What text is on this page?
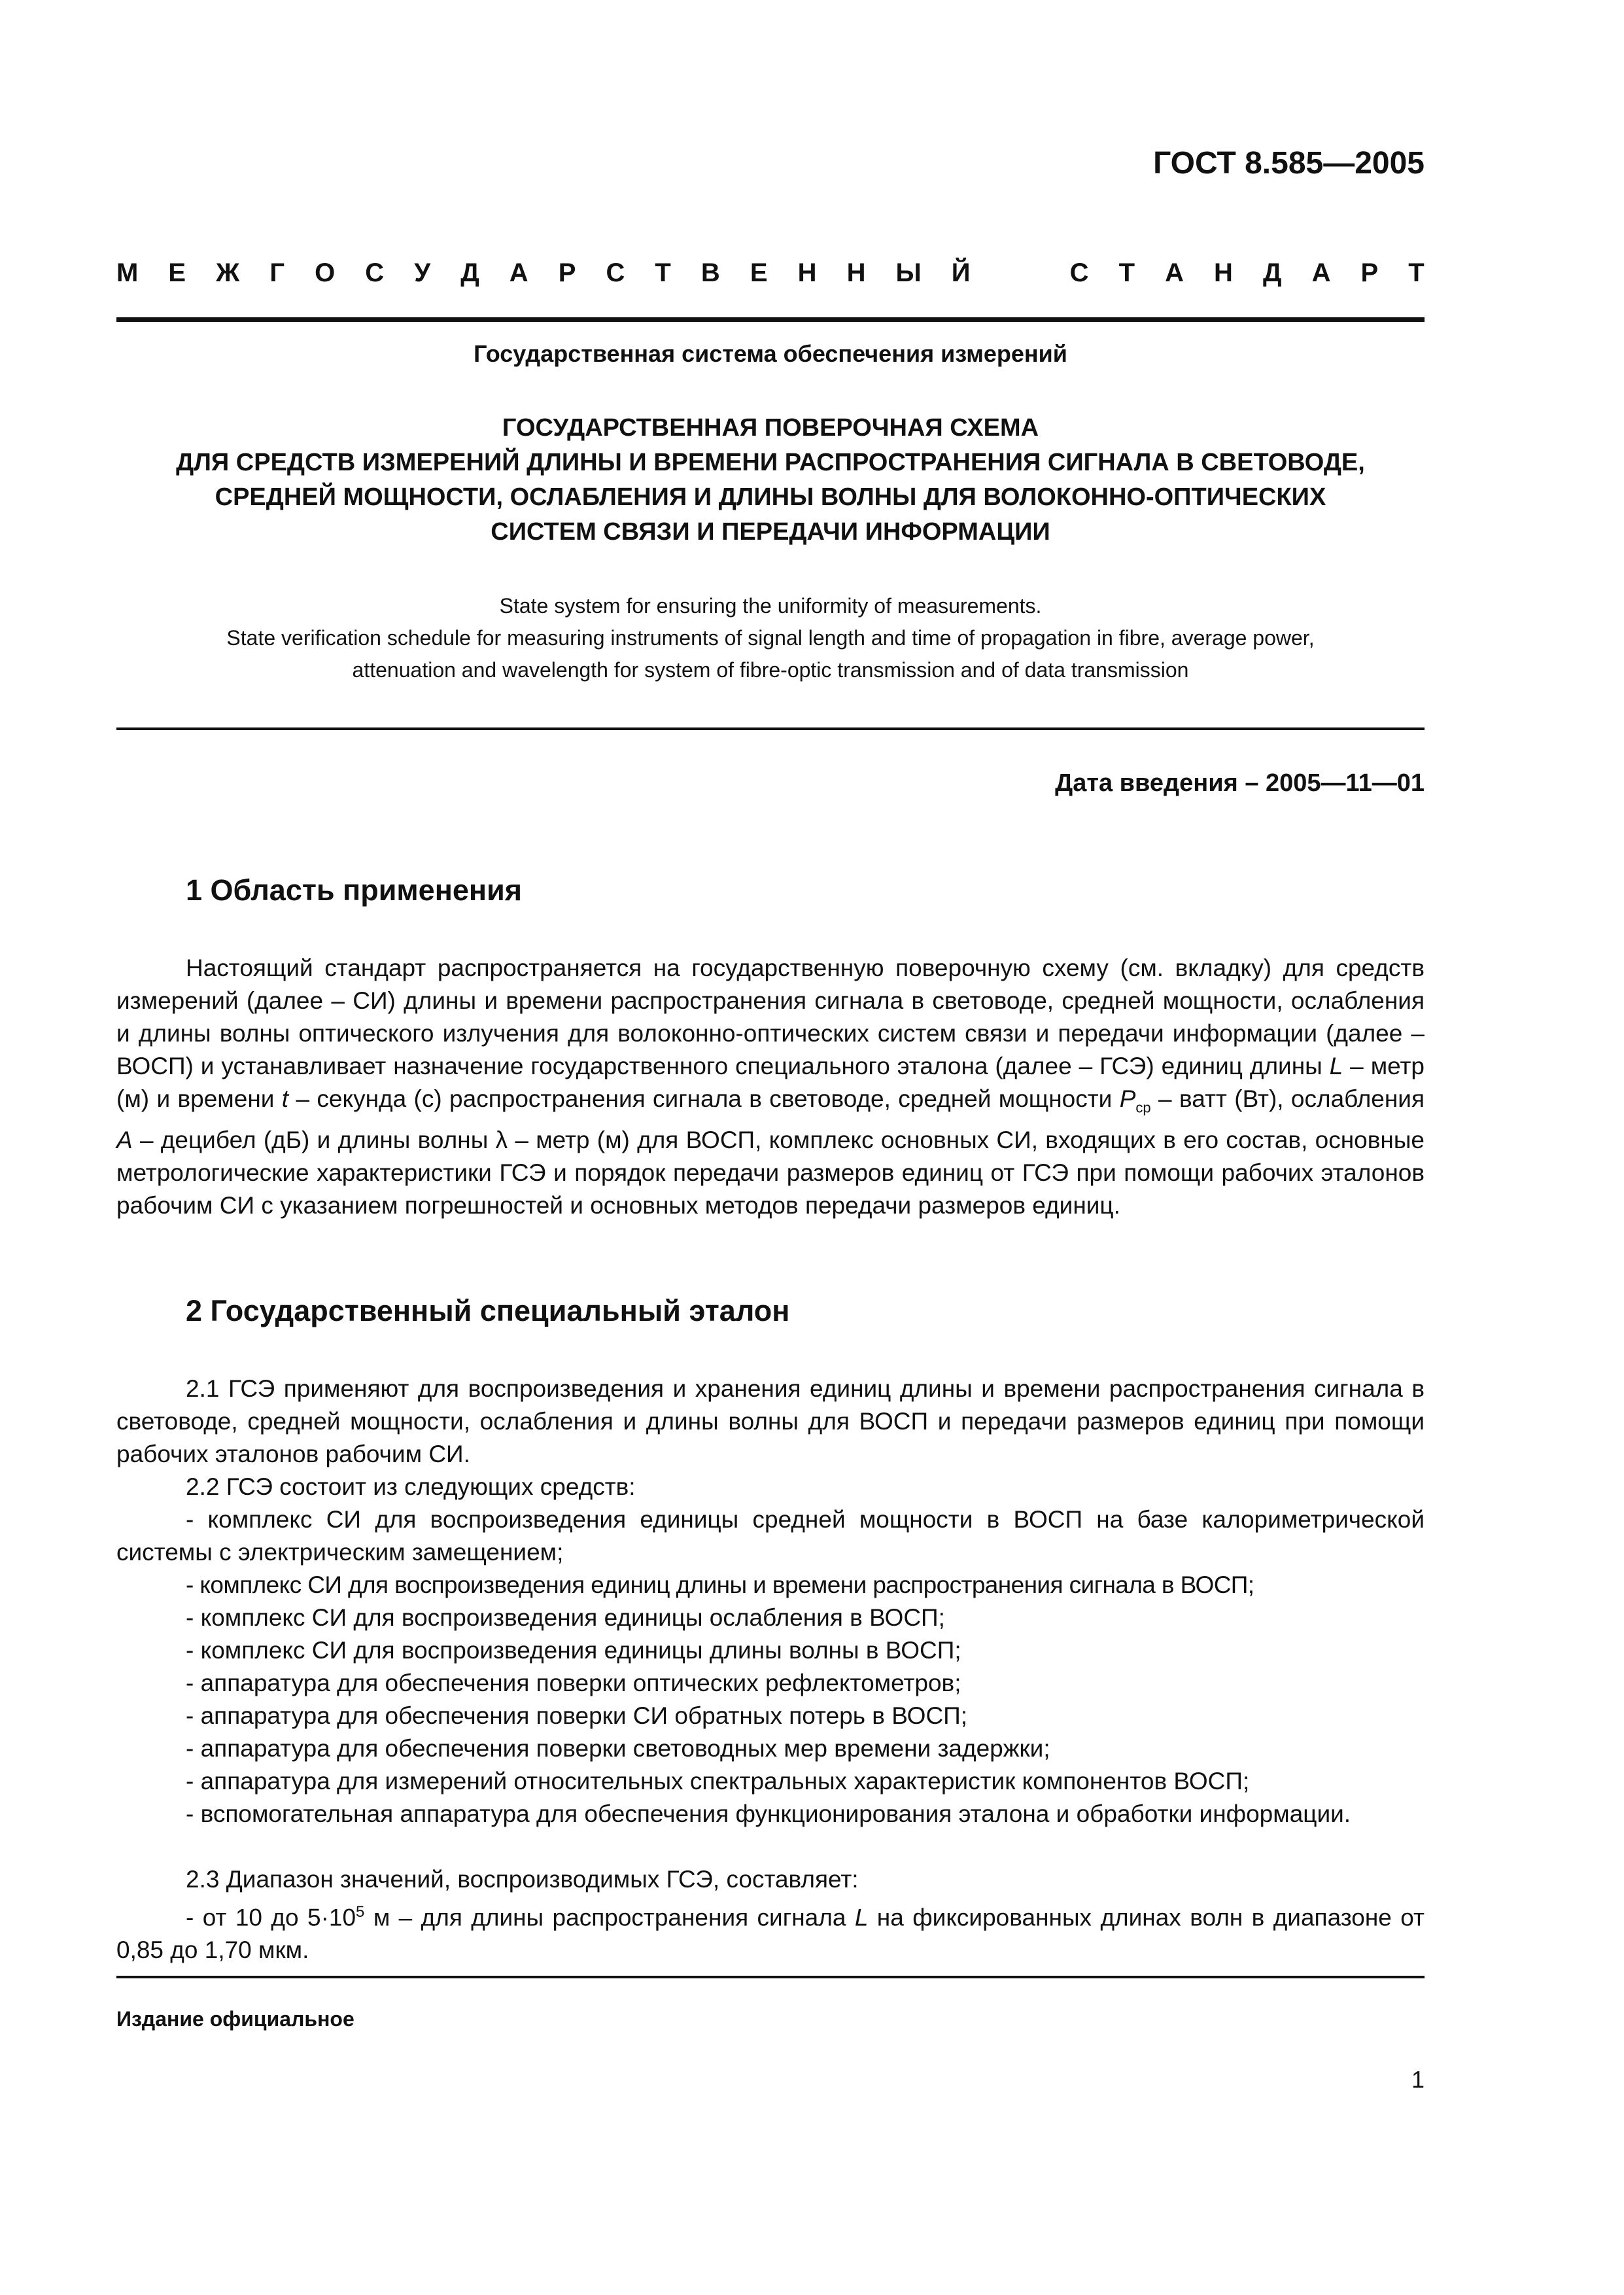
ГОСТ 8.585—2005

М Е Ж Г О С У Д А Р С Т В Е Н Н Ы Й	С Т А Н Д А Р Т

Государственная система обеспечения измерений

ГОСУДАРСТВЕННАЯ ПОВЕРОЧНАЯ СХЕМА
ДЛЯ СРЕДСТВ ИЗМЕРЕНИЙ ДЛИНЫ И ВРЕМЕНИ РАСПРОСТРАНЕНИЯ СИГНАЛА В СВЕТОВОДЕ,
СРЕДНЕЙ МОЩНОСТИ, ОСЛАБЛЕНИЯ И ДЛИНЫ ВОЛНЫ ДЛЯ ВОЛОКОННО-ОПТИЧЕСКИХ
СИСТЕМ СВЯЗИ И ПЕРЕДАЧИ ИНФОРМАЦИИ
State system for ensuring the uniformity of measurements.
State verification schedule for measuring instruments of signal length and time of propagation in fibre, average power,
attenuation and wavelength for system of fibre-optic transmission and of data transmission

Дата введения – 2005—11—01

1 Область применения

Настоящий стандарт распространяется на государственную поверочную схему (см. вкладку) для средств измерений (далее – СИ) длины и времени распространения сигнала в световоде, средней мощности, ослабления и длины волны оптического излучения для волоконно-оптических систем связи и передачи информации (далее – ВОСП) и устанавливает назначение государственного специального эталона (далее – ГСЭ) единиц длины L – метр (м) и времени t – секунда (с) распространения сигнала в световоде, средней мощности $P_{ср}$ – ватт (Вт), ослабления A – децибел (дБ) и длины волны λ – метр (м) для ВОСП, комплекс основных СИ, входящих в его состав, основные метрологические характеристики ГСЭ и порядок передачи размеров единиц от ГСЭ при помощи рабочих эталонов рабочим СИ с указанием погрешностей и основных методов передачи размеров единиц.

2 Государственный специальный эталон

2.1 ГСЭ применяют для воспроизведения и хранения единиц длины и времени распространения сигнала в световоде, средней мощности, ослабления и длины волны для ВОСП и передачи размеров единиц при помощи рабочих эталонов рабочим СИ.

2.2 ГСЭ состоит из следующих средств:

- комплекс СИ для воспроизведения единицы средней мощности в ВОСП на базе калориметрической системы с электрическим замещением;

- комплекс СИ для воспроизведения единиц длины и времени распространения сигнала в ВОСП;

- комплекс СИ для воспроизведения единицы ослабления в ВОСП;

- комплекс СИ для воспроизведения единицы длины волны в ВОСП;

- аппаратура для обеспечения поверки оптических рефлектометров;

- аппаратура для обеспечения поверки СИ обратных потерь в ВОСП;

- аппаратура для обеспечения поверки световодных мер времени задержки;

- аппаратура для измерений относительных спектральных характеристик компонентов ВОСП;

- вспомогательная аппаратура для обеспечения функционирования эталона и обработки информации.

2.3 Диапазон значений, воспроизводимых ГСЭ, составляет:

- от 10 до $5\cdot 10^5$ м – для длины распространения сигнала L на фиксированных длинах волн в диапазоне от 0,85 до 1,70 мкм.

Издание официальное

1
